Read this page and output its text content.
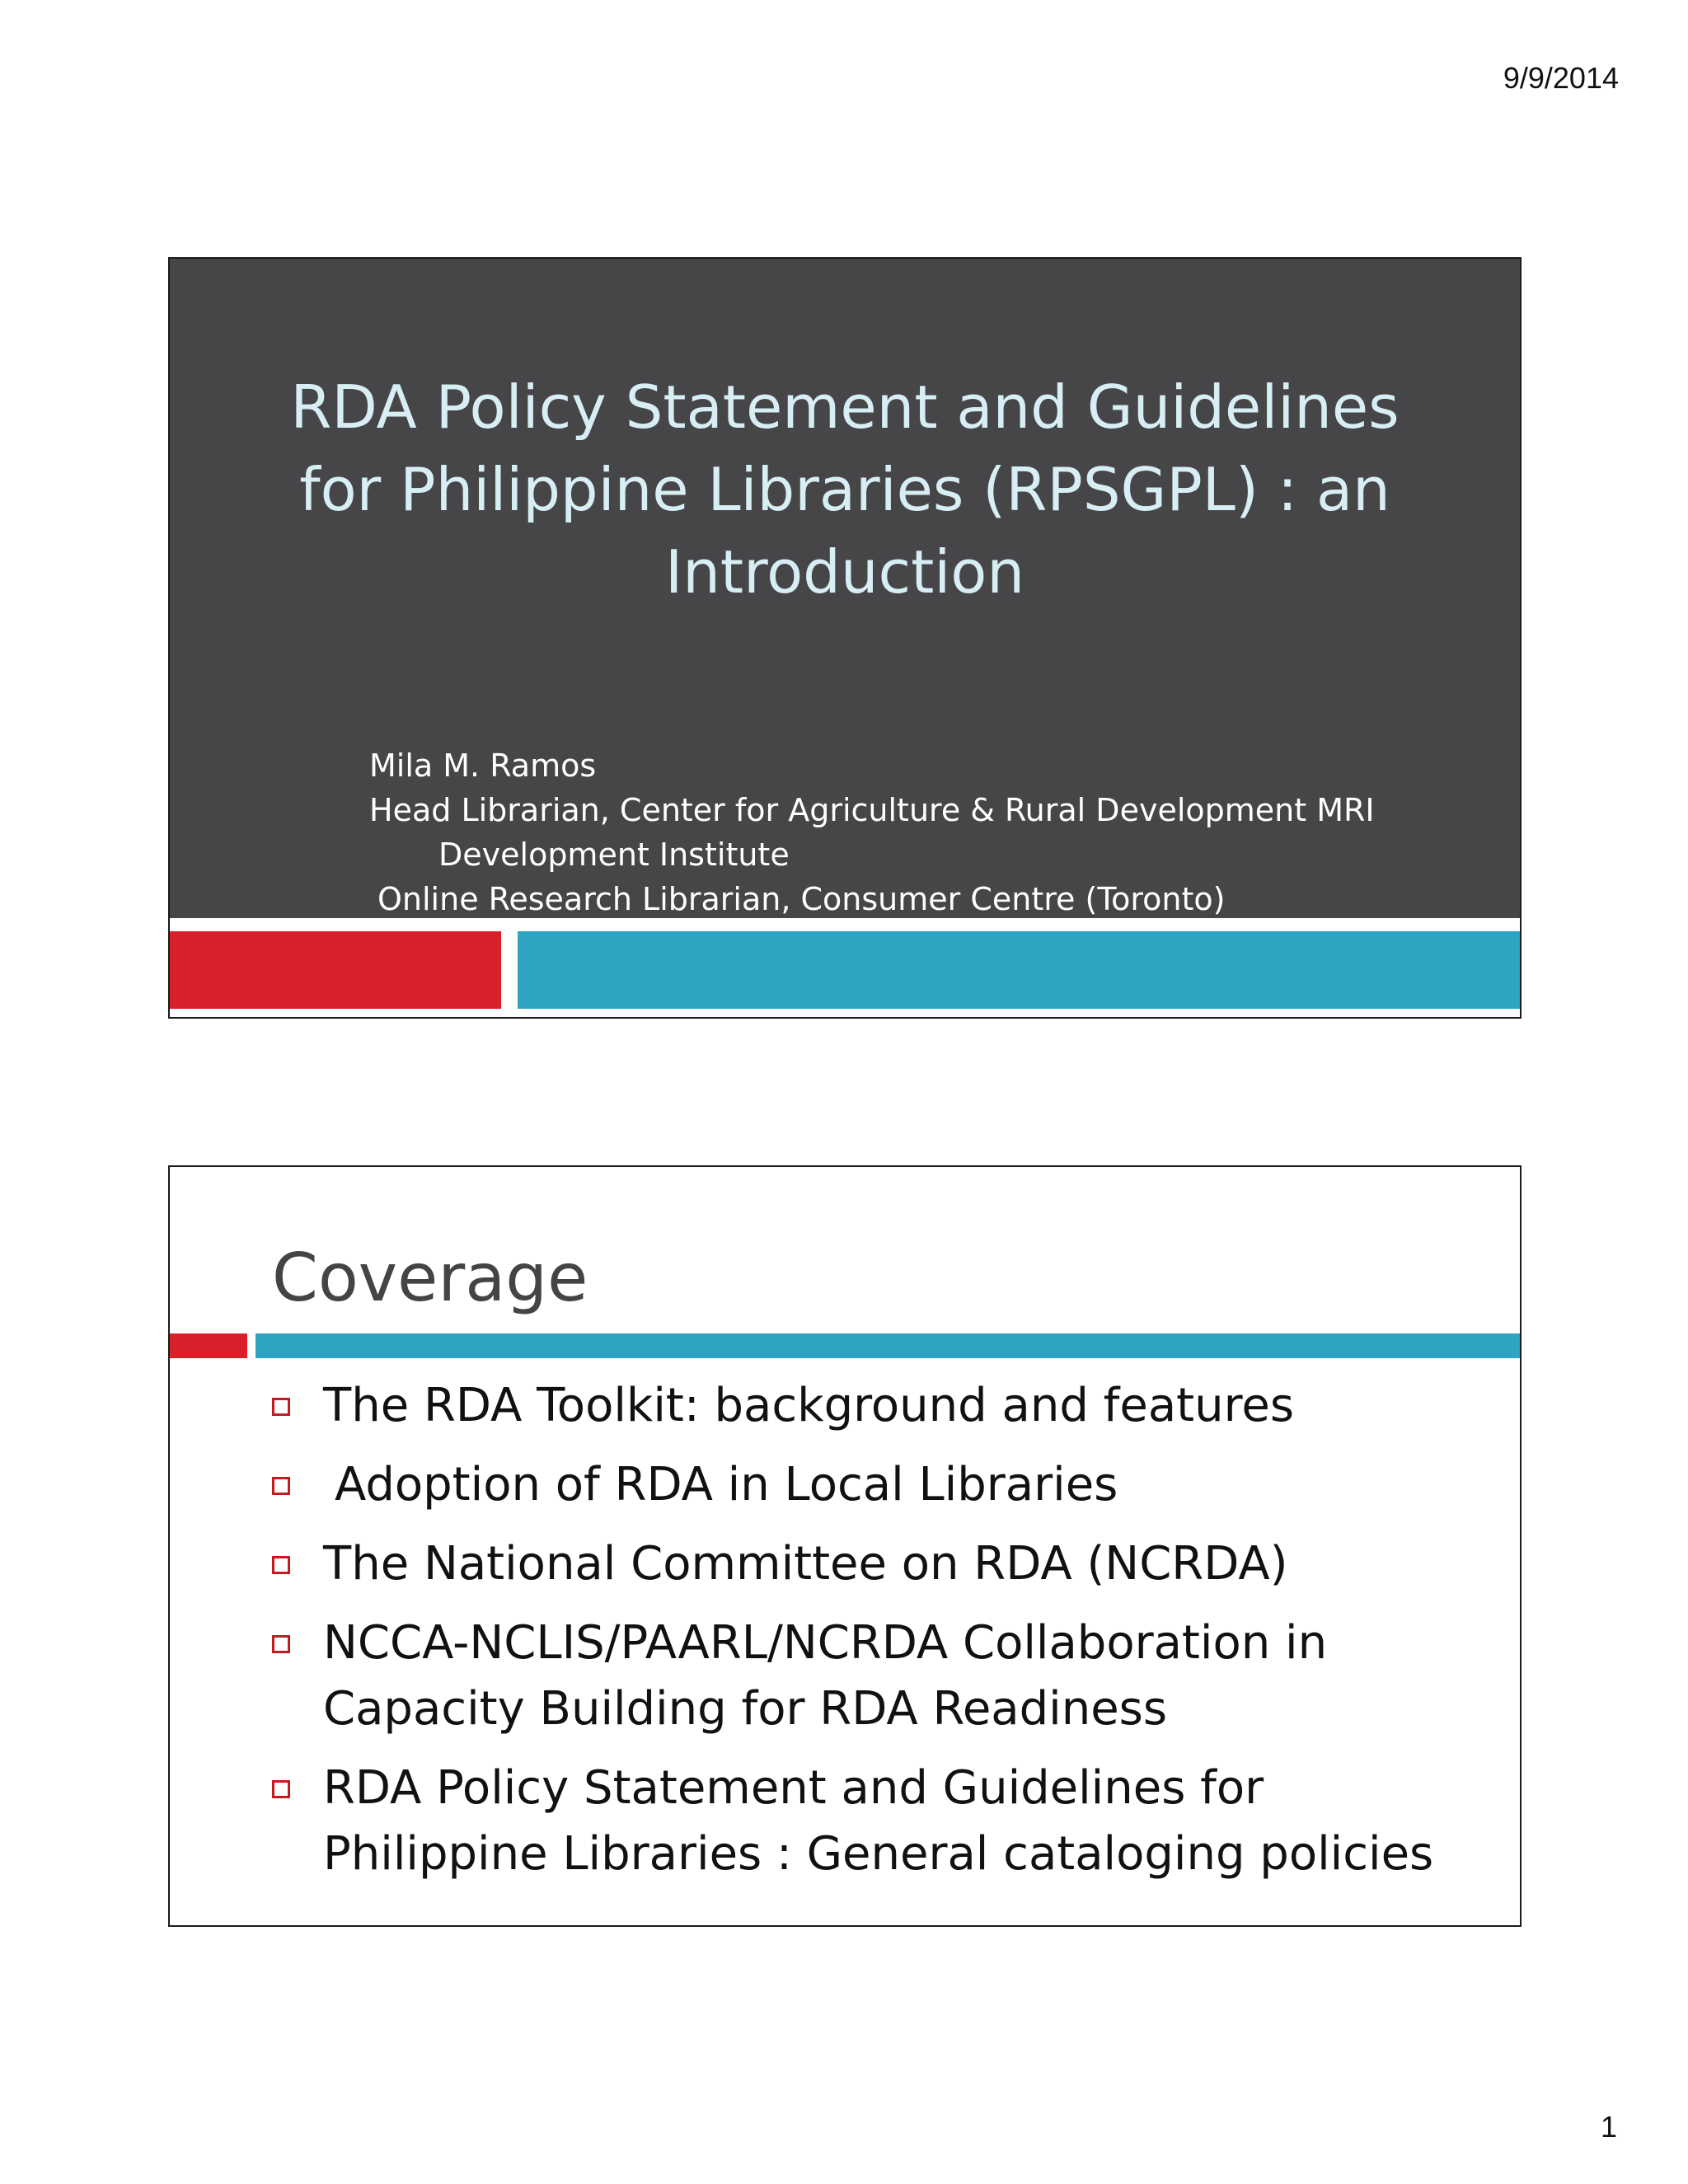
9/9/2014
RDA Policy Statement and Guidelines
for Philippine Libraries (RPSGPL) : an
Introduction
Mila M. Ramos
Head Librarian, Center for Agriculture & Rural Development MRI
Development Institute
Online Research Librarian, Consumer Centre (Toronto)
Coverage
The RDA Toolkit: background and features
Adoption of RDA in Local Libraries
The National Committee on RDA (NCRDA)
NCCA-NCLIS/PAARL/NCRDA Collaboration in Capacity Building for RDA Readiness
RDA Policy Statement and Guidelines for Philippine Libraries : General cataloging policies
1
